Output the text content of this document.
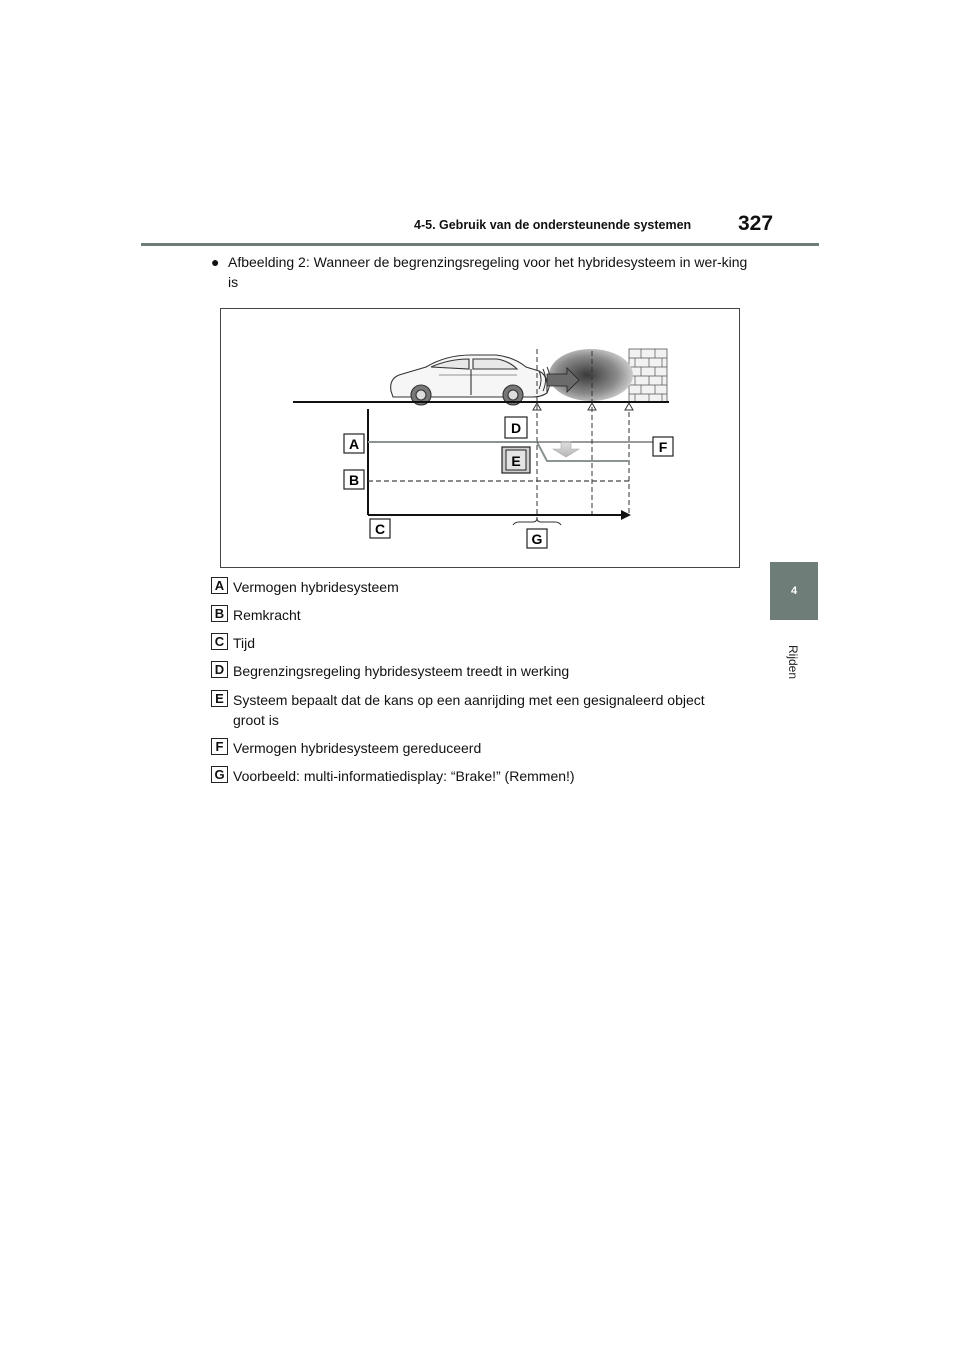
4-5. Gebruik van de ondersteunende systemen 327
4
Rijden
● Afbeelding 2: Wanneer de begrenzingsregeling voor het hybridesysteem in wer-king is
A
B
C
D
E
F
G
A Vermogen hybridesysteem
B Remkracht
C Tijd
D Begrenzingsregeling hybridesysteem treedt in werking
E Systeem bepaalt dat de kans op een aanrijding met een gesignaleerd object groot is
F Vermogen hybridesysteem gereduceerd
G Voorbeeld: multi-informatiedisplay: “Brake!” (Remmen!)
